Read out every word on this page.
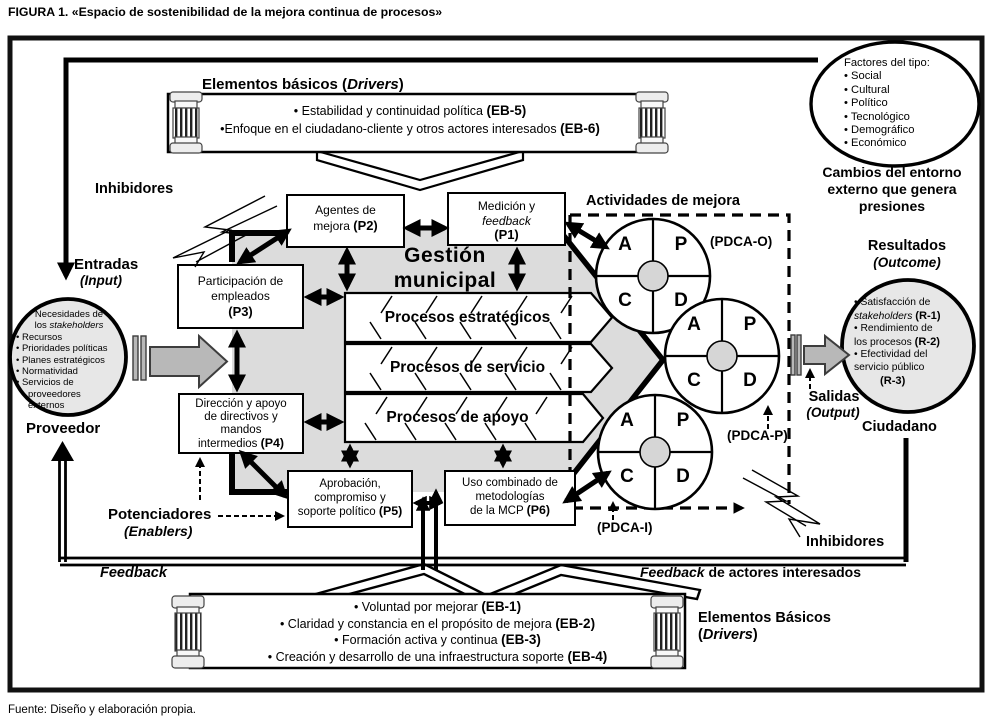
FIGURA 1. «Espacio de sostenibilidad de la mejora continua de procesos»
Elementos básicos (Drivers)
• Estabilidad y continuidad política (EB-5)
•Enfoque en el ciudadano-cliente y otros actores interesados (EB-6)
Factores del tipo:
• Social
• Cultural
• Político
• Tecnológico
• Demográfico
• Económico
Cambios del entorno externo que genera presiones
Inhibidores
Entradas
(Input)
Necesidades de
los stakeholders
• Recursos
• Prioridades políticas
• Planes estratégicos
• Normatividad
• Servicios de
proveedores
externos
Proveedor
Potenciadores
(Enablers)
Feedback
Gestión
municipal
Procesos estratégicos
Procesos de servicio
Procesos de apoyo
Agentes de
mejora (P2)
Medición y
feedback
(P1)
Participación de
empleados
(P3)
Dirección y apoyo
de directivos y
mandos
intermedios (P4)
Aprobación,
compromiso y
soporte político (P5)
Uso combinado de
metodologías
de la MCP (P6)
Actividades de mejora
(PDCA-O)
(PDCA-P)
(PDCA-I)
A	P
C	D
A	P
C	D
A	P
C	D
Resultados
(Outcome)
• Satisfacción de
stakeholders (R-1)
• Rendimiento de
los procesos (R-2)
• Efectividad del
servicio público
(R-3)
Salidas
(Output)
Ciudadano
Inhibidores
Feedback de actores interesados
• Voluntad por mejorar (EB-1)
• Claridad y constancia en el propósito de mejora (EB-2)
• Formación activa y continua (EB-3)
• Creación y desarrollo de una infraestructura soporte (EB-4)
Elementos Básicos
(Drivers)
Fuente: Diseño y elaboración propia.
